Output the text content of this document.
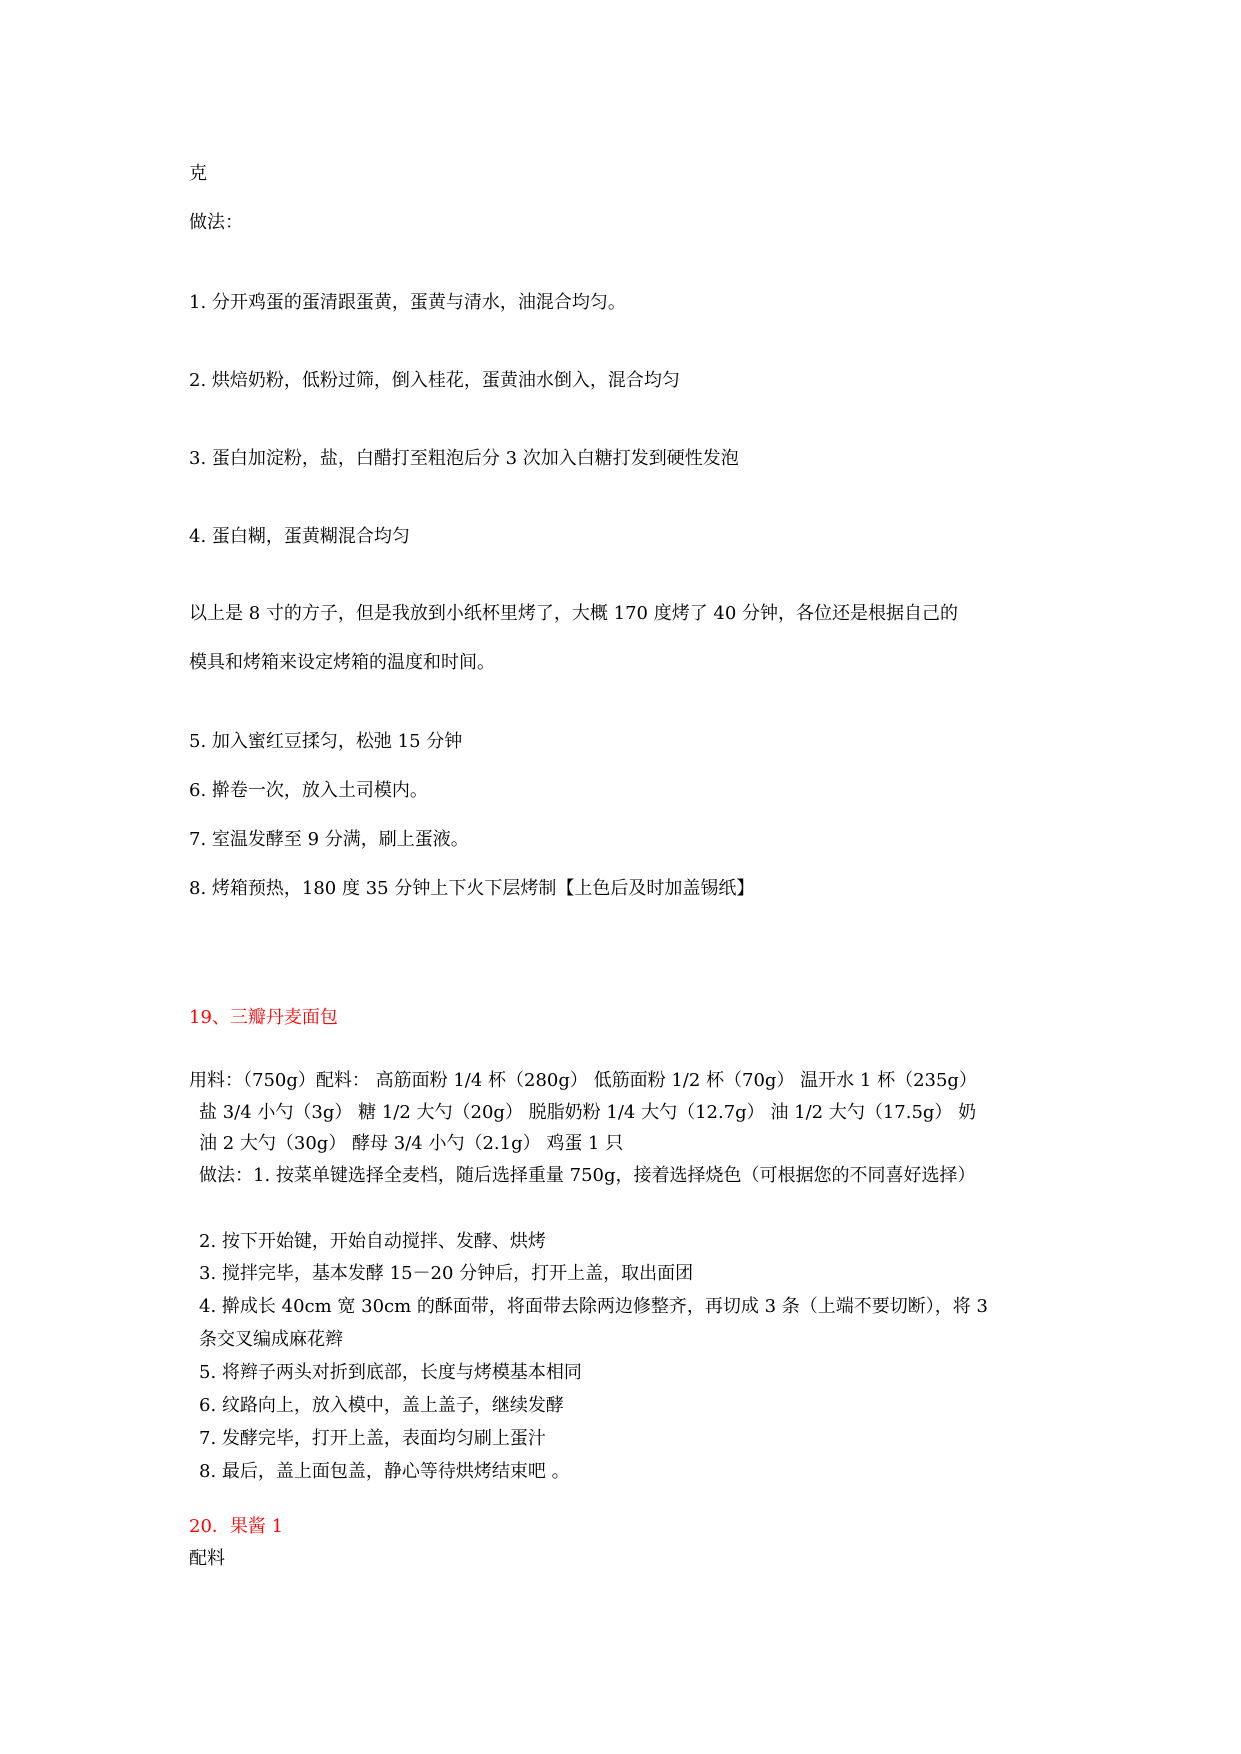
克

做法：

1. 分开鸡蛋的蛋清跟蛋黄，蛋黄与清水，油混合均匀。

2. 烘焙奶粉，低粉过筛，倒入桂花，蛋黄油水倒入，混合均匀

3. 蛋白加淀粉，盐，白醋打至粗泡后分 3 次加入白糖打发到硬性发泡

4. 蛋白糊，蛋黄糊混合均匀

以上是 8 寸的方子，但是我放到小纸杯里烤了，大概 170 度烤了 40 分钟，各位还是根据自己的

模具和烤箱来设定烤箱的温度和时间。

5. 加入蜜红豆揉匀，松弛 15 分钟

6. 擀卷一次，放入土司模内。

7. 室温发酵至 9 分满，刷上蛋液。

8. 烤箱预热，180 度 35 分钟上下火下层烤制【上色后及时加盖锡纸】

19、三瓣丹麦面包

用料：（750g）配料： 高筋面粉 1/4 杯（280g） 低筋面粉 1/2 杯（70g） 温开水 1 杯（235g）

盐 3/4 小勺（3g） 糖 1/2 大勺（20g） 脱脂奶粉 1/4 大勺（12.7g） 油 1/2 大勺（17.5g） 奶

油 2 大勺（30g） 酵母 3/4 小勺（2.1g） 鸡蛋 1 只

做法：1. 按菜单键选择全麦档，随后选择重量 750g，接着选择烧色（可根据您的不同喜好选择）

2. 按下开始键，开始自动搅拌、发酵、烘烤

3. 搅拌完毕，基本发酵 15－20 分钟后，打开上盖，取出面团

4. 擀成长 40cm 宽 30cm 的酥面带，将面带去除两边修整齐，再切成 3 条（上端不要切断），将 3

条交叉编成麻花辫

5. 将辫子两头对折到底部，长度与烤模基本相同

6. 纹路向上，放入模中，盖上盖子，继续发酵

7. 发酵完毕，打开上盖，表面均匀刷上蛋汁

8. 最后，盖上面包盖，静心等待烘烤结束吧 。

20．果酱 1

配料
